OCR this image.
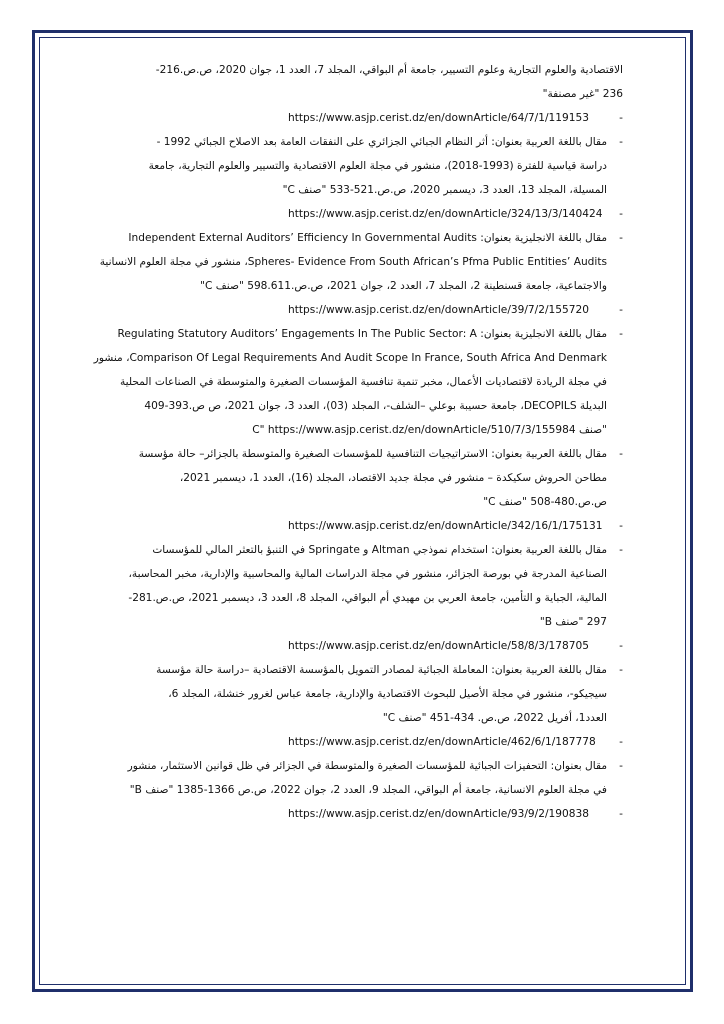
الاقتصادية والعلوم التجارية وعلوم التسيير، جامعة أم البواقي، المجلد 7، العدد 1، جوان 2020، ص.ص.216-
236 "غير مصنفة"
-
https://www.asjp.cerist.dz/en/downArticle/64/7/1/119153
-
مقال باللغة العربية بعنوان: أثر النظام الجبائي الجزائري على النفقات العامة بعد الاصلاح الجبائي 1992 -
دراسة قياسية للفترة (1993-2018)، منشور في مجلة العلوم الاقتصادية والتسيير والعلوم التجارية، جامعة
المسيلة، المجلد 13، العدد 3، ديسمبر 2020، ص.ص.521-533 "صنف C"
-
https://www.asjp.cerist.dz/en/downArticle/324/13/3/140424
-
مقال باللغة الانجليزية بعنوان: Independent External Auditors’ Efficiency In Governmental Audits
Spheres- Evidence From South African’s Pfma Public Entities’ Audits، منشور في مجلة العلوم الانسانية
والاجتماعية، جامعة قسنطينة 2، المجلد 7، العدد 2، جوان 2021، ص.ص.598.611 "صنف C"
-
https://www.asjp.cerist.dz/en/downArticle/39/7/2/155720
-
مقال باللغة الانجليزية بعنوان: Regulating Statutory Auditors’ Engagements In The Public Sector: A
Comparison Of Legal Requirements And Audit Scope In France, South Africa And Denmark، منشور
في مجلة الريادة لاقتصاديات الأعمال، مخبر تنمية تنافسية المؤسسات الصغيرة والمتوسطة في الصناعات المحلية
البديلة DECOPILS، جامعة حسيبة بوعلي –الشلف-، المجلد (03)، العدد 3، جوان 2021، ص ص.393-409
"صنف C" https://www.asjp.cerist.dz/en/downArticle/510/7/3/155984
-
مقال باللغة العربية بعنوان: الاستراتيجيات التنافسية للمؤسسات الصغيرة والمتوسطة بالجزائر– حالة مؤسسة
مطاحن الحروش سكيكدة – منشور في مجلة جديد الاقتصاد، المجلد (16)، العدد 1، ديسمبر 2021،
ص.ص.480-508 "صنف C"
-
https://www.asjp.cerist.dz/en/downArticle/342/16/1/175131
-
مقال باللغة العربية بعنوان: استخدام نموذجي Altman و Springate في التنبؤ بالتعثر المالي للمؤسسات
الصناعية المدرجة في بورصة الجزائر، منشور في مجلة الدراسات المالية والمحاسبية والإدارية، مخبر المحاسبة،
المالية، الجباية و التأمين، جامعة العربي بن مهيدي أم البواقي، المجلد 8، العدد 3، ديسمبر 2021، ص.ص.281-
297 "صنف B"
-
https://www.asjp.cerist.dz/en/downArticle/58/8/3/178705
-
مقال باللغة العربية بعنوان: المعاملة الجبائية لمصادر التمويل بالمؤسسة الاقتصادية –دراسة حالة مؤسسة
سيجيكو-، منشور في مجلة الأصيل للبحوث الاقتصادية والإدارية، جامعة عباس لغرور خنشلة، المجلد 6،
العدد1، أفريل 2022، ص.ص. 434-451 "صنف C"
-
https://www.asjp.cerist.dz/en/downArticle/462/6/1/187778
-
مقال بعنوان: التحفيزات الجبائية للمؤسسات الصغيرة والمتوسطة في الجزائر في ظل قوانين الاستثمار، منشور
في مجلة العلوم الانسانية، جامعة أم البواقي، المجلد 9، العدد 2، جوان 2022، ص.ص 1366-1385 "صنف B"
-
https://www.asjp.cerist.dz/en/downArticle/93/9/2/190838
